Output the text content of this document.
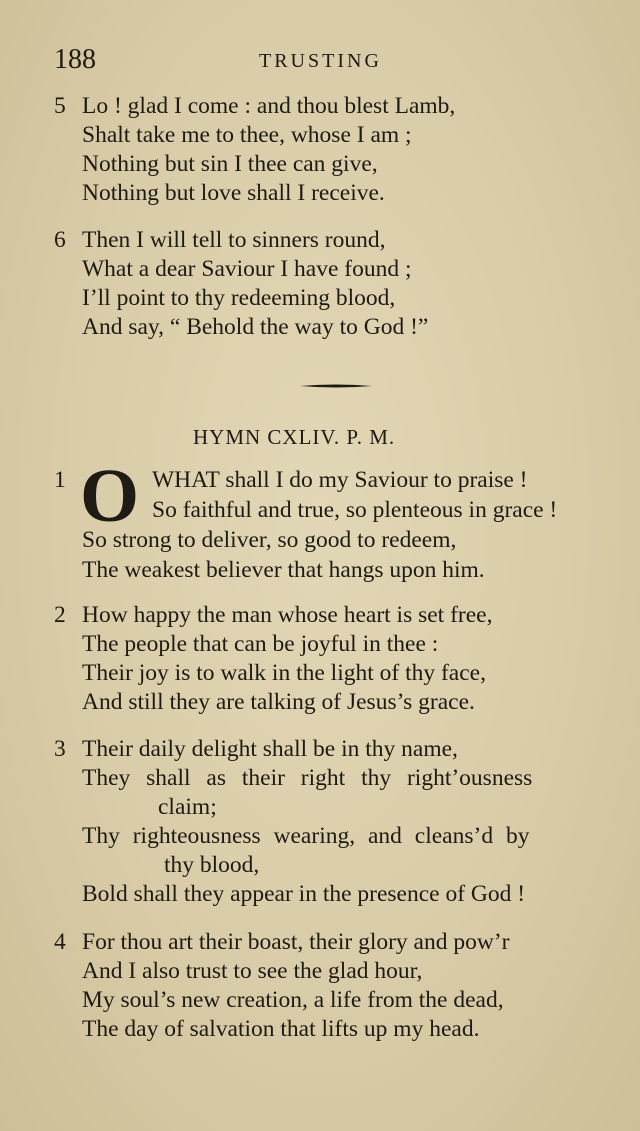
188	TRUSTING
5 Lo ! glad I come : and thou blest Lamb,
Shalt take me to thee, whose I am ;
Nothing but sin I thee can give,
Nothing but love shall I receive.
6 Then I will tell to sinners round,
What a dear Saviour I have found ;
I’ll point to thy redeeming blood,
And say, “ Behold the way to God !”
HYMN CXLIV. P. M.
1 O WHAT shall I do my Saviour to praise !
So faithful and true, so plenteous in grace !
So strong to deliver, so good to redeem,
The weakest believer that hangs upon him.
2 How happy the man whose heart is set free,
The people that can be joyful in thee :
Their joy is to walk in the light of thy face,
And still they are talking of Jesus’s grace.
3 Their daily delight shall be in thy name,
They shall as their right thy right’ousness
claim;
Thy righteousness wearing, and cleans’d by
thy blood,
Bold shall they appear in the presence of God !
4 For thou art their boast, their glory and pow’r
And I also trust to see the glad hour,
My soul’s new creation, a life from the dead,
The day of salvation that lifts up my head.
